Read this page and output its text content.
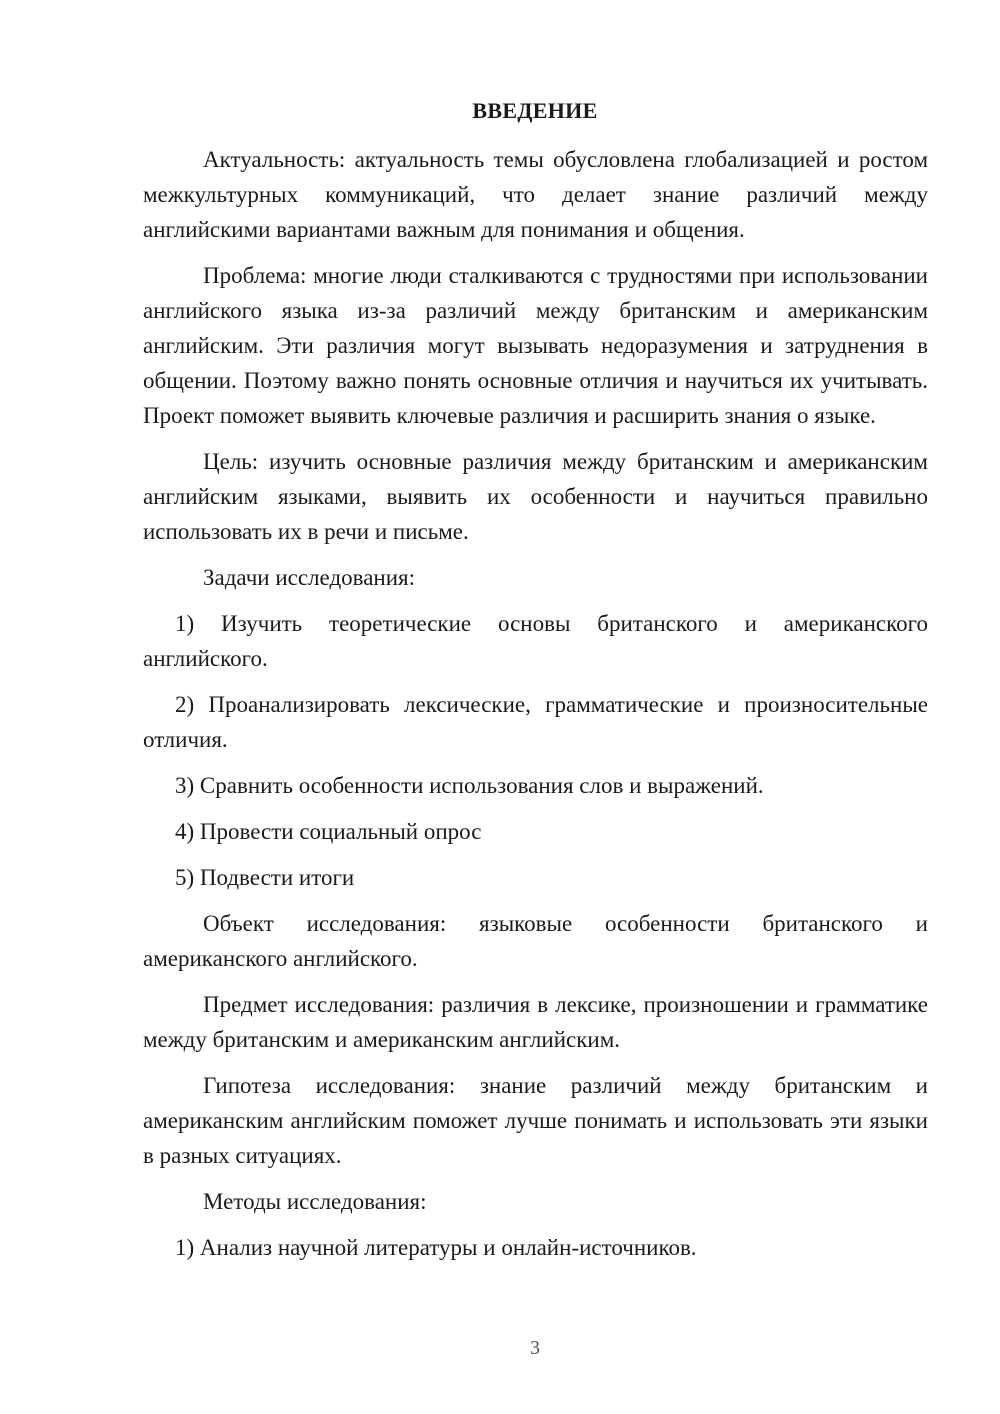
ВВЕДЕНИЕ

Актуальность: актуальность темы обусловлена глобализацией и ростом межкультурных коммуникаций, что делает знание различий между английскими вариантами важным для понимания и общения.

Проблема: многие люди сталкиваются с трудностями при использовании английского языка из-за различий между британским и американским английским. Эти различия могут вызывать недоразумения и затруднения в общении. Поэтому важно понять основные отличия и научиться их учитывать. Проект поможет выявить ключевые различия и расширить знания о языке.

Цель: изучить основные различия между британским и американским английским языками, выявить их особенности и научиться правильно использовать их в речи и письме.

Задачи исследования:

1) Изучить теоретические основы британского и американского английского.

2) Проанализировать лексические, грамматические и произносительные отличия.

3) Сравнить особенности использования слов и выражений.

4) Провести социальный опрос

5) Подвести итоги

Объект исследования: языковые особенности британского и американского английского.

Предмет исследования: различия в лексике, произношении и грамматике между британским и американским английским.

Гипотеза исследования: знание различий между британским и американским английским поможет лучше понимать и использовать эти языки в разных ситуациях.

Методы исследования:

1) Анализ научной литературы и онлайн-источников.

3
